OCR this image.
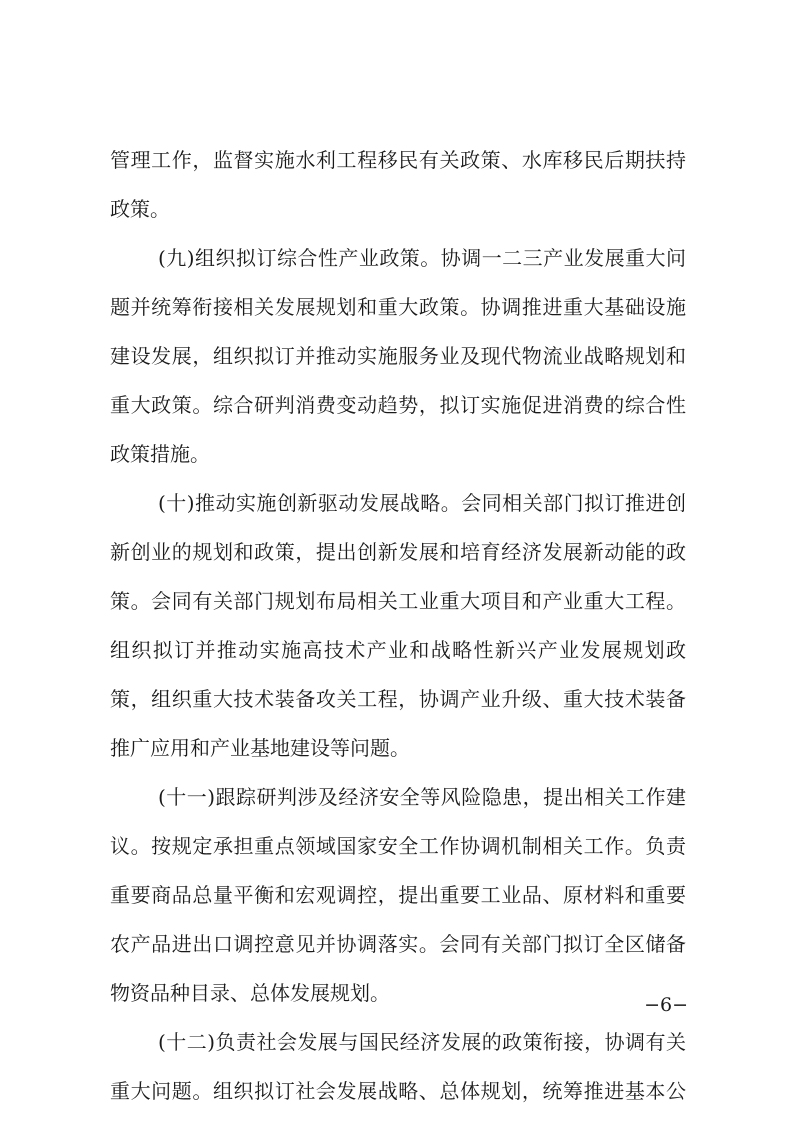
管理工作，监督实施水利工程移民有关政策、水库移民后期扶持
政策。
(九)组织拟订综合性产业政策。协调一二三产业发展重大问
题并统筹衔接相关发展规划和重大政策。协调推进重大基础设施
建设发展，组织拟订并推动实施服务业及现代物流业战略规划和
重大政策。综合研判消费变动趋势，拟订实施促进消费的综合性
政策措施。
(十)推动实施创新驱动发展战略。会同相关部门拟订推进创
新创业的规划和政策，提出创新发展和培育经济发展新动能的政
策。会同有关部门规划布局相关工业重大项目和产业重大工程。
组织拟订并推动实施高技术产业和战略性新兴产业发展规划政
策，组织重大技术装备攻关工程，协调产业升级、重大技术装备
推广应用和产业基地建设等问题。
(十一)跟踪研判涉及经济安全等风险隐患，提出相关工作建
议。按规定承担重点领域国家安全工作协调机制相关工作。负责
重要商品总量平衡和宏观调控，提出重要工业品、原材料和重要
农产品进出口调控意见并协调落实。会同有关部门拟订全区储备
物资品种目录、总体发展规划。
(十二)负责社会发展与国民经济发展的政策衔接，协调有关
重大问题。组织拟订社会发展战略、总体规划，统筹推进基本公
−6−
